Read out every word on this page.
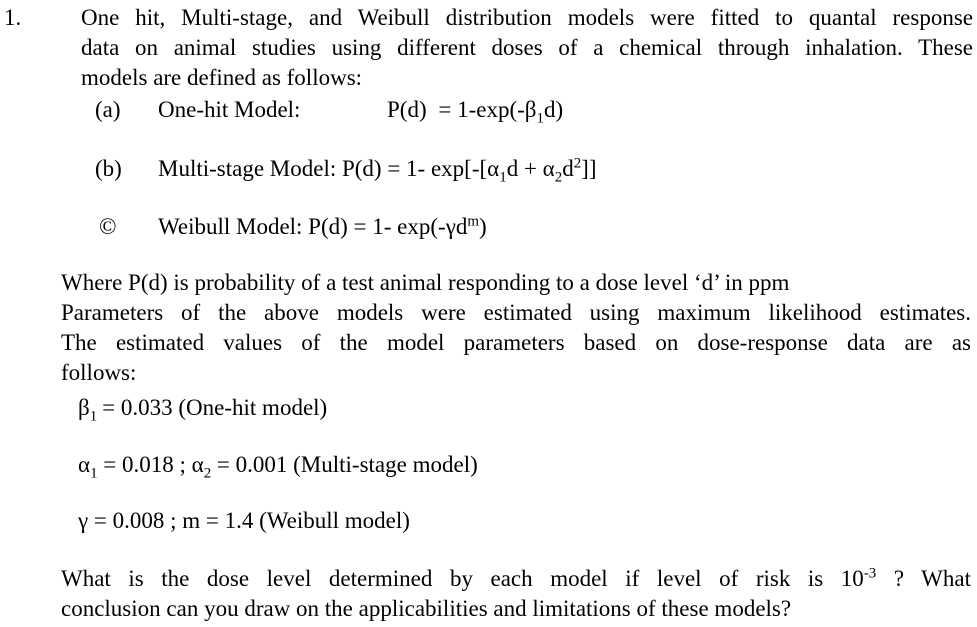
1.	One hit, Multi-stage, and Weibull distribution models were fitted to quantal response
data on animal studies using different doses of a chemical through inhalation. These
models are defined as follows:
(a) One-hit Model:	$P(d) = 1-\exp(-\beta_1d)$
(b) Multi-stage Model: P(d) = 1- $\exp[-[\alpha_1d + \alpha_2d^2]]$
© Weibull Model: P(d) = 1- $\exp(-\gamma d^m)$
Where P(d) is probability of a test animal responding to a dose level ‘d’ in ppm
Parameters of the above models were estimated using maximum likelihood estimates.
The estimated values of the model parameters based on dose-response data are as
follows:
$\beta_1 = 0.033$ (One-hit model)
$\alpha_1 = 0.018$ ; $\alpha_2 = 0.001$ (Multi-stage model)
γ = 0.008 ; m = 1.4 (Weibull model)
What is the dose level determined by each model if level of risk is $10^{-3}$ ? What
conclusion can you draw on the applicabilities and limitations of these models?
